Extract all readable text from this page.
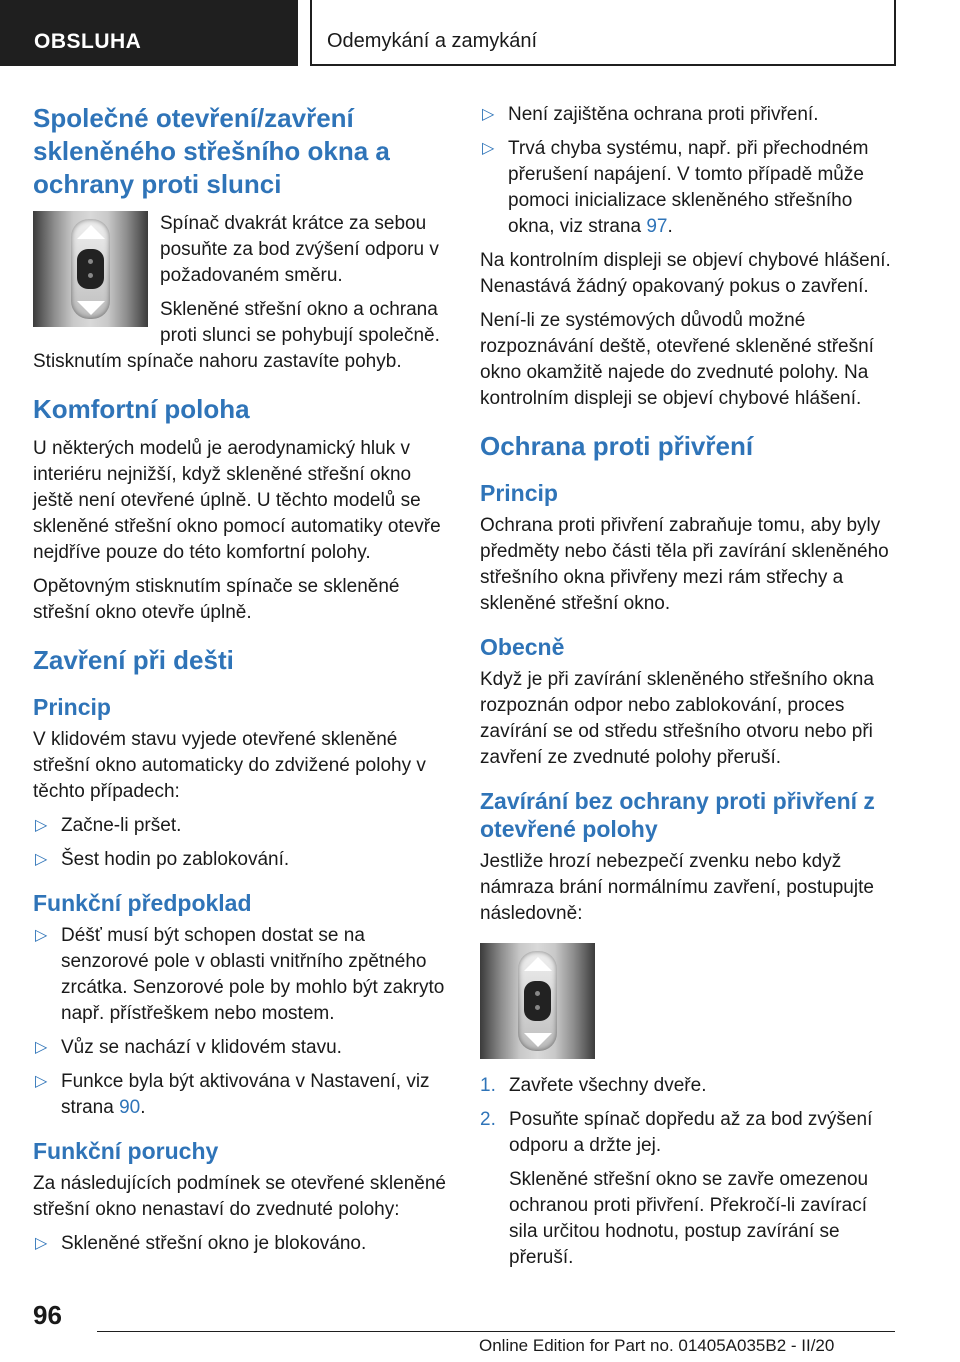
OBSLUHA	Odemykání a zamykání
Společné otevření/zavření skleněného střešního okna a ochrany proti slunci

Spínač dvakrát krátce za sebou posuňte za bod zvýšení odporu v požadovaném směru.

Skleněné střešní okno a ochrana proti slunci se pohybují společně.

Stisknutím spínače nahoru zastavíte pohyb.

Komfortní poloha

U některých modelů je aerodynamický hluk v interiéru nejnižší, když skleněné střešní okno ještě není otevřené úplně. U těchto modelů se skleněné střešní okno pomocí automatiky otevře nejdříve pouze do této komfortní polohy.

Opětovným stisknutím spínače se skleněné střešní okno otevře úplně.

Zavření při dešti
Princip

V klidovém stavu vyjede otevřené skleněné střešní okno automaticky do zdvižené polohy v těchto případech:

▷ Začne-li pršet.
▷ Šest hodin po zablokování.
Funkční předpoklad
▷ Déšť musí být schopen dostat se na senzorové pole v oblasti vnitřního zpětného zrcátka. Senzorové pole by mohlo být zakryto např. přístřeškem nebo mostem.
▷ Vůz se nachází v klidovém stavu.
▷ Funkce byla být aktivována v Nastavení, viz strana 90.
Funkční poruchy

Za následujících podmínek se otevřené skleněné střešní okno nenastaví do zvednuté polohy:

▷ Skleněné střešní okno je blokováno.
▷ Není zajištěna ochrana proti přivření.
▷ Trvá chyba systému, např. při přechodném přerušení napájení. V tomto případě může pomoci inicializace skleněného střešního okna, viz strana 97.

Na kontrolním displeji se objeví chybové hlášení. Nenastává žádný opakovaný pokus o zavření.

Není-li ze systémových důvodů možné rozpoznávání deště, otevřené skleněné střešní okno okamžitě najede do zvednuté polohy. Na kontrolním displeji se objeví chybové hlášení.

Ochrana proti přivření
Princip

Ochrana proti přivření zabraňuje tomu, aby byly předměty nebo části těla při zavírání skleněného střešního okna přivřeny mezi rám střechy a skleněné střešní okno.

Obecně

Když je při zavírání skleněného střešního okna rozpoznán odpor nebo zablokování, proces zavírání se od středu střešního otvoru nebo při zavření ze zvednuté polohy přeruší.

Zavírání bez ochrany proti přivření z otevřené polohy

Jestliže hrozí nebezpečí zvenku nebo když námraza brání normálnímu zavření, postupujte následovně:

1. Zavřete všechny dveře.
2. Posuňte spínač dopředu až za bod zvýšení odporu a držte jej.
Skleněné střešní okno se zavře omezenou ochranou proti přivření. Překročí-li zavírací sila určitou hodnotu, postup zavírání se přeruší.
96
Online Edition for Part no. 01405A035B2 - II/20
